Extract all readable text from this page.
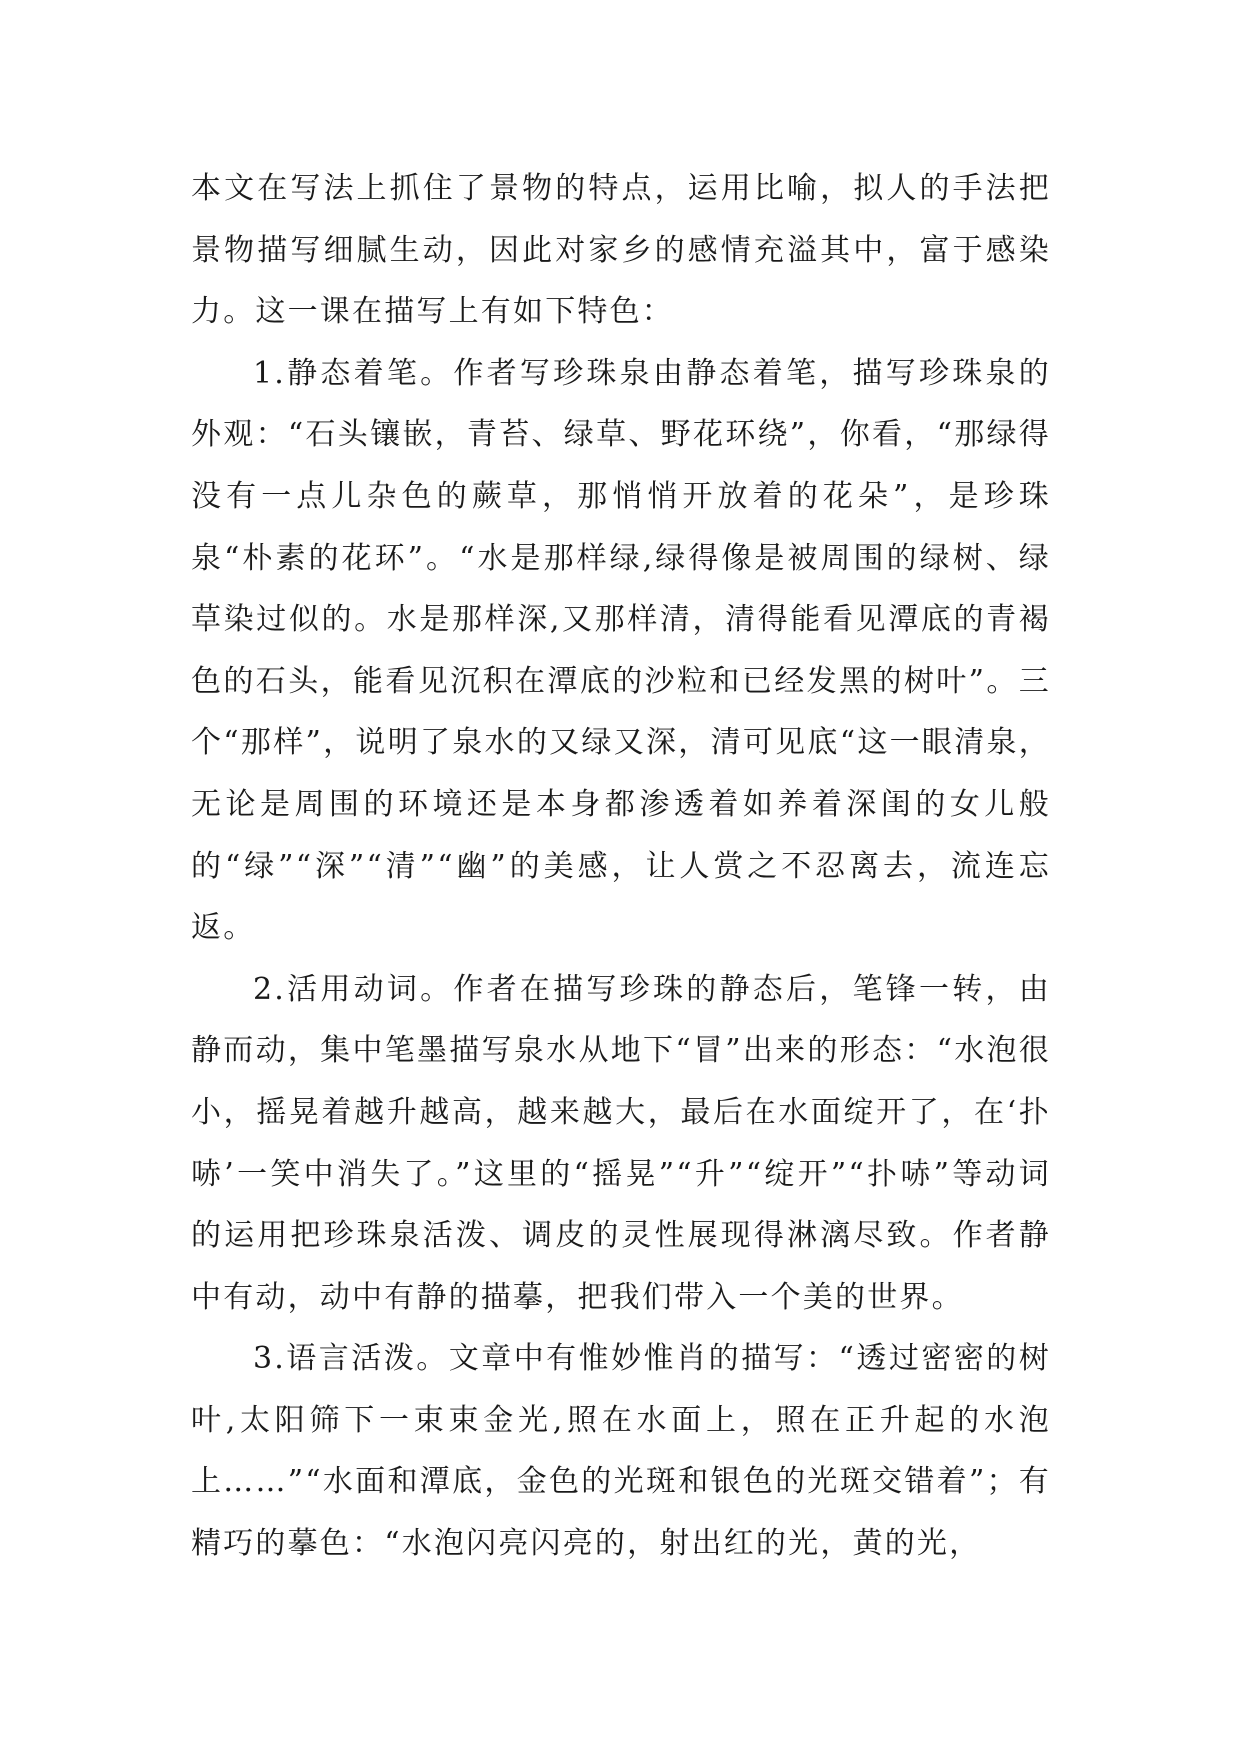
本文在写法上抓住了景物的特点，运用比喻，拟人的手法把景物描写细腻生动，因此对家乡的感情充溢其中，富于感染力。这一课在描写上有如下特色：

1.静态着笔。作者写珍珠泉由静态着笔，描写珍珠泉的外观：“石头镶嵌，青苔、绿草、野花环绕”，你看，“那绿得没有一点儿杂色的蕨草，那悄悄开放着的花朵”，是珍珠泉“朴素的花环”。“水是那样绿,绿得像是被周围的绿树、绿草染过似的。水是那样深,又那样清，清得能看见潭底的青褐色的石头，能看见沉积在潭底的沙粒和已经发黑的树叶”。三个“那样”，说明了泉水的又绿又深，清可见底“这一眼清泉，无论是周围的环境还是本身都渗透着如养着深闺的女儿般的“绿”“深”“清”“幽”的美感，让人赏之不忍离去，流连忘返。

2.活用动词。作者在描写珍珠的静态后，笔锋一转，由静而动，集中笔墨描写泉水从地下“冒”出来的形态：“水泡很小，摇晃着越升越高，越来越大，最后在水面绽开了，在‘扑哧’一笑中消失了。”这里的“摇晃”“升”“绽开”“扑哧”等动词的运用把珍珠泉活泼、调皮的灵性展现得淋漓尽致。作者静中有动，动中有静的描摹，把我们带入一个美的世界。

3.语言活泼。文章中有惟妙惟肖的描写：“透过密密的树叶,太阳筛下一束束金光,照在水面上，照在正升起的水泡上……”“水面和潭底，金色的光斑和银色的光斑交错着”；有精巧的摹色：“水泡闪亮闪亮的，射出红的光，黄的光，
